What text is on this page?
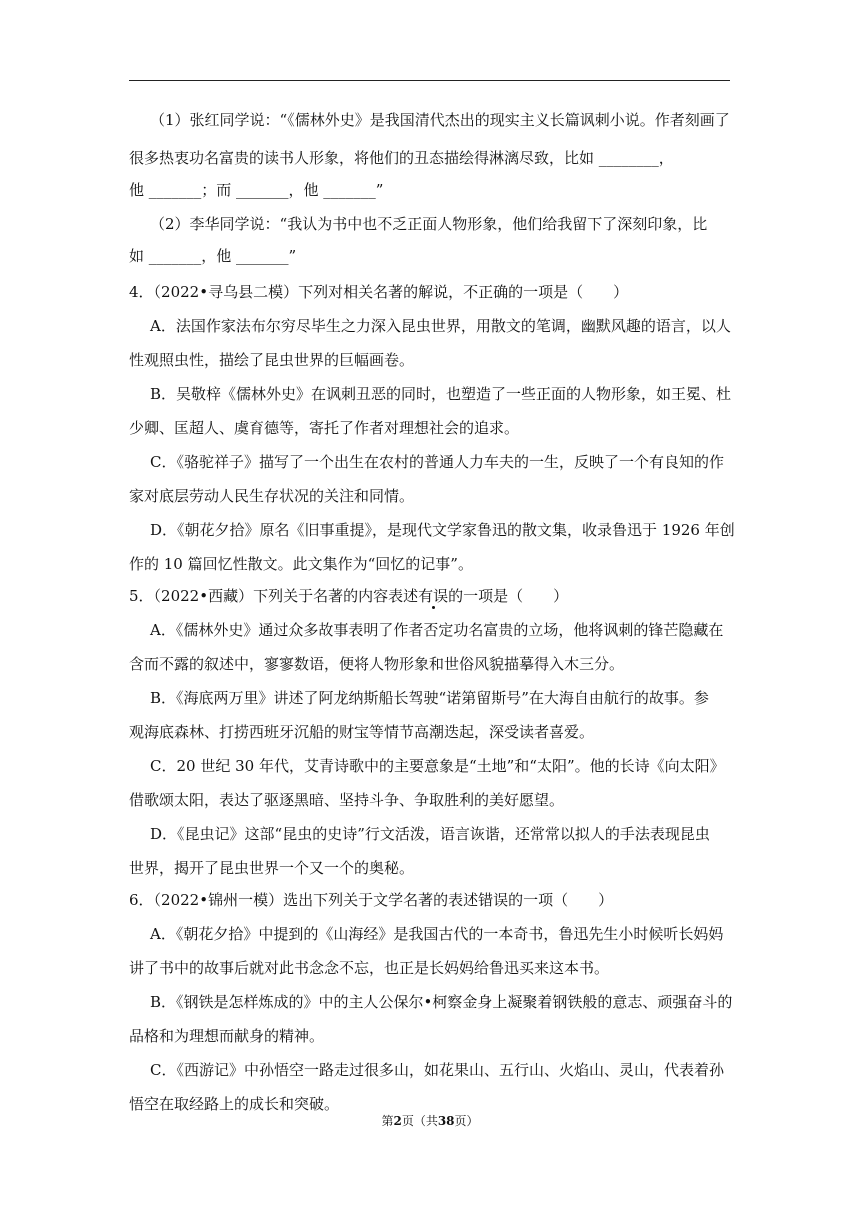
（1）张红同学说：“《儒林外史》是我国清代杰出的现实主义长篇讽刺小说。作者刻画了
很多热衷功名富贵的读书人形象，将他们的丑态描绘得淋漓尽致，比如 ________，
他 _______；而 _______，他 _______”
（2）李华同学说：“我认为书中也不乏正面人物形象，他们给我留下了深刻印象，比
如 _______，他 _______”
4．（2022•寻乌县二模）下列对相关名著的解说，不正确的一项是（　　）
A．法国作家法布尔穷尽毕生之力深入昆虫世界，用散文的笔调，幽默风趣的语言，以人
性观照虫性，描绘了昆虫世界的巨幅画卷。
B．吴敬梓《儒林外史》在讽刺丑恶的同时，也塑造了一些正面的人物形象，如王冕、杜
少卿、匡超人、虞育德等，寄托了作者对理想社会的追求。
C．《骆驼祥子》描写了一个出生在农村的普通人力车夫的一生，反映了一个有良知的作
家对底层劳动人民生存状况的关注和同情。
D．《朝花夕拾》原名《旧事重提》，是现代文学家鲁迅的散文集，收录鲁迅于 1926 年创
作的 10 篇回忆性散文。此文集作为“回忆的记事”。
5．（2022•西藏）下列关于名著的内容表述有误的一项是（　　）
A．《儒林外史》通过众多故事表明了作者否定功名富贵的立场，他将讽刺的锋芒隐藏在
含而不露的叙述中，寥寥数语，便将人物形象和世俗风貌描摹得入木三分。
B．《海底两万里》讲述了阿龙纳斯船长驾驶“诺第留斯号”在大海自由航行的故事。参
观海底森林、打捞西班牙沉船的财宝等情节高潮迭起，深受读者喜爱。
C．20 世纪 30 年代，艾青诗歌中的主要意象是“土地”和“太阳”。他的长诗《向太阳》
借歌颂太阳，表达了驱逐黑暗、坚持斗争、争取胜利的美好愿望。
D．《昆虫记》这部“昆虫的史诗”行文活泼，语言诙谐，还常常以拟人的手法表现昆虫
世界，揭开了昆虫世界一个又一个的奥秘。
6．（2022•锦州一模）选出下列关于文学名著的表述错误的一项（　　）
A．《朝花夕拾》中提到的《山海经》是我国古代的一本奇书，鲁迅先生小时候听长妈妈
讲了书中的故事后就对此书念念不忘，也正是长妈妈给鲁迅买来这本书。
B．《钢铁是怎样炼成的》中的主人公保尔•柯察金身上凝聚着钢铁般的意志、顽强奋斗的
品格和为理想而献身的精神。
C．《西游记》中孙悟空一路走过很多山，如花果山、五行山、火焰山、灵山，代表着孙
悟空在取经路上的成长和突破。
第2页（共38页）
